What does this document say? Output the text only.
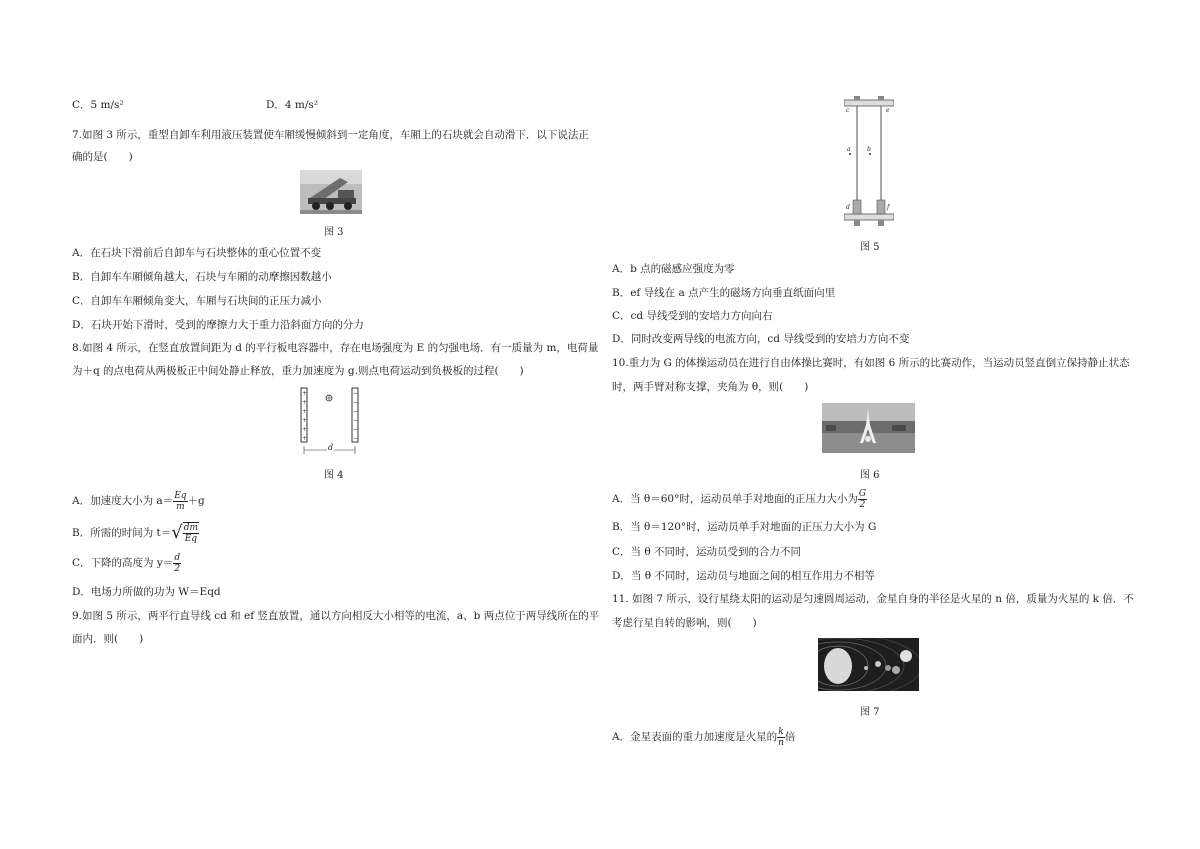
C．5 m/s²	D．4 m/s²
7.如图 3 所示，重型自卸车利用液压装置使车厢缓慢倾斜到一定角度，车厢上的石块就会自动滑下．以下说法正
确的是(　　)
图 3
A．在石块下滑前后自卸车与石块整体的重心位置不变
B．自卸车车厢倾角越大，石块与车厢的动摩擦因数越小
C．自卸车车厢倾角变大，车厢与石块间的正压力减小
D．石块开始下滑时，受到的摩擦力大于重力沿斜面方向的分力
8.如图 4 所示，在竖直放置间距为 d 的平行板电容器中，存在电场强度为 E 的匀强电场．有一质量为 m，电荷量
为＋q 的点电荷从两极板正中间处静止释放，重力加速度为 g.则点电荷运动到负极板的过程(　　)
+
+
+
+
+
+
−
−
−
−
−
−
d
图 4
A．加速度大小为 $a= \frac{Eq}{m} +g$
B．所需的时间为 $t=√ \frac{dm}{Eq}$
C．下降的高度为 $y= \frac{d}{2}$
D．电场力所做的功为 W＝Eqd
9.如图 5 所示，两平行直导线 cd 和 ef 竖直放置，通以方向相反大小相等的电流，a、b 两点位于两导线所在的平
面内．则(　　)
c	e
a	b
d	f
图 5
A．b 点的磁感应强度为零
B．ef 导线在 a 点产生的磁场方向垂直纸面向里
C．cd 导线受到的安培力方向向右
D．同时改变两导线的电流方向，cd 导线受到的安培力方向不变
10.重力为 G 的体操运动员在进行自由体操比赛时，有如图 6 所示的比赛动作，当运动员竖直倒立保持静止状态
时，两手臂对称支撑，夹角为 θ，则(　　)
图 6
A．当 θ＝60°时，运动员单手对地面的正压力大小为 $\frac{G}{2}$
B．当 θ＝120°时，运动员单手对地面的正压力大小为 G
C．当 θ 不同时，运动员受到的合力不同
D．当 θ 不同时，运动员与地面之间的相互作用力不相等
11. 如图 7 所示，设行星绕太阳的运动是匀速圆周运动，金星自身的半径是火星的 n 倍，质量为火星的 k 倍．不
考虑行星自转的影响，则(　　)
图 7
A．金星表面的重力加速度是火星的 $\frac{k}{n}$ 倍
